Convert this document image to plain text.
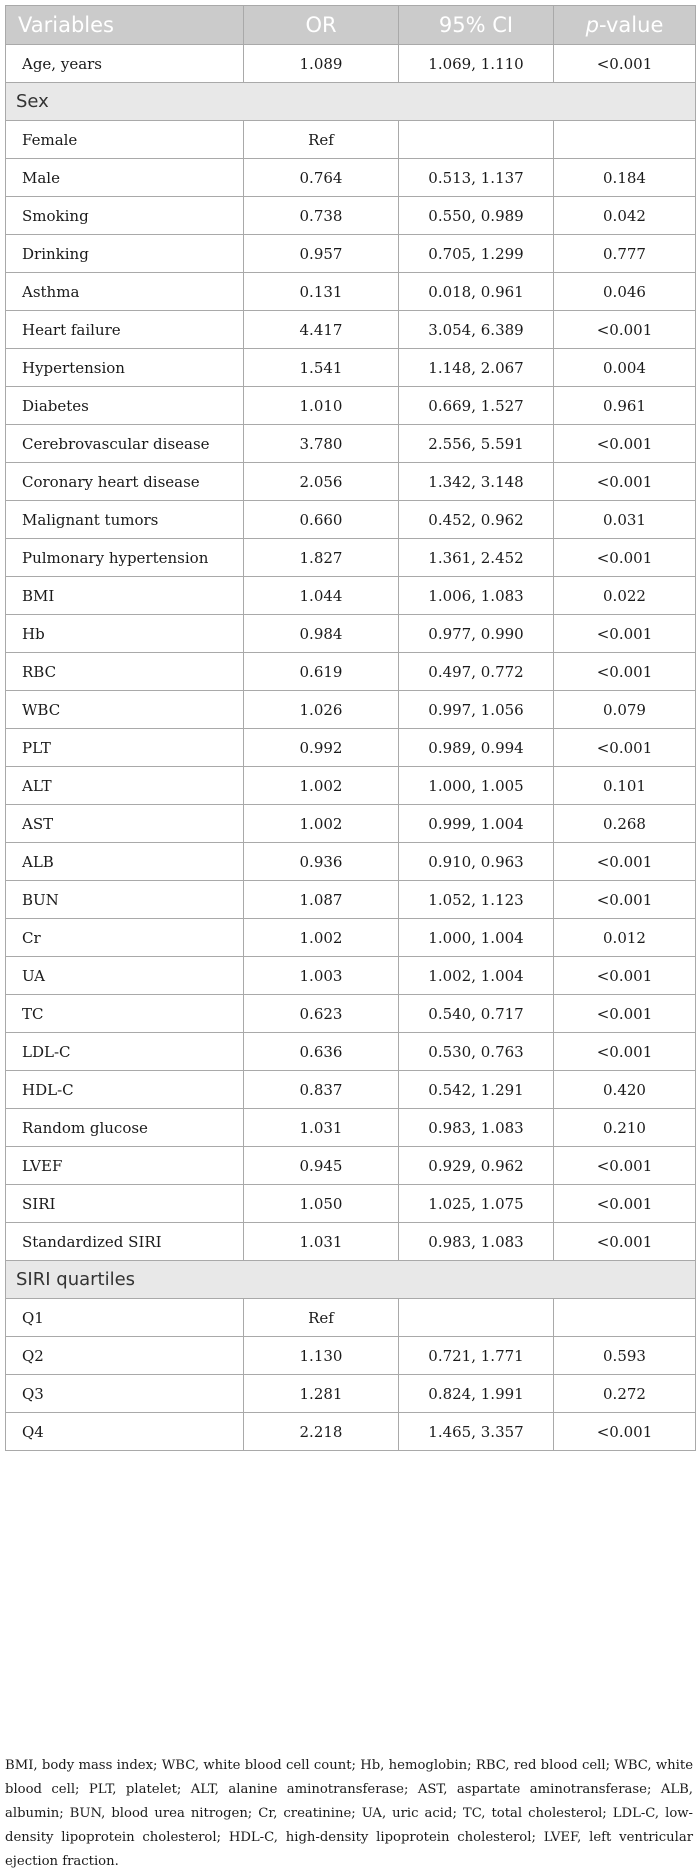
Variables	OR	95% CI	p-value
Age, years	1.089	1.069, 1.110	<0.001
Sex			
Female	Ref		
Male	0.764	0.513, 1.137	0.184
Smoking	0.738	0.550, 0.989	0.042
Drinking	0.957	0.705, 1.299	0.777
Asthma	0.131	0.018, 0.961	0.046
Heart failure	4.417	3.054, 6.389	<0.001
Hypertension	1.541	1.148, 2.067	0.004
Diabetes	1.010	0.669, 1.527	0.961
Cerebrovascular disease	3.780	2.556, 5.591	<0.001
Coronary heart disease	2.056	1.342, 3.148	<0.001
Malignant tumors	0.660	0.452, 0.962	0.031
Pulmonary hypertension	1.827	1.361, 2.452	<0.001
BMI	1.044	1.006, 1.083	0.022
Hb	0.984	0.977, 0.990	<0.001
RBC	0.619	0.497, 0.772	<0.001
WBC	1.026	0.997, 1.056	0.079
PLT	0.992	0.989, 0.994	<0.001
ALT	1.002	1.000, 1.005	0.101
AST	1.002	0.999, 1.004	0.268
ALB	0.936	0.910, 0.963	<0.001
BUN	1.087	1.052, 1.123	<0.001
Cr	1.002	1.000, 1.004	0.012
UA	1.003	1.002, 1.004	<0.001
TC	0.623	0.540, 0.717	<0.001
LDL-C	0.636	0.530, 0.763	<0.001
HDL-C	0.837	0.542, 1.291	0.420
Random glucose	1.031	0.983, 1.083	0.210
LVEF	0.945	0.929, 0.962	<0.001
SIRI	1.050	1.025, 1.075	<0.001
Standardized SIRI	1.031	0.983, 1.083	<0.001
SIRI quartiles			
Q1	Ref		
Q2	1.130	0.721, 1.771	0.593
Q3	1.281	0.824, 1.991	0.272
Q4	2.218	1.465, 3.357	<0.001
BMI, body mass index; WBC, white blood cell count; Hb, hemoglobin; RBC, red blood cell; WBC, white blood cell; PLT, platelet; ALT, alanine aminotransferase; AST, aspartate aminotransferase; ALB, albumin; BUN, blood urea nitrogen; Cr, creatinine; UA, uric acid; TC, total cholesterol; LDL-C, low-density lipoprotein cholesterol; HDL-C, high-density lipoprotein cholesterol; LVEF, left ventricular ejection fraction.
